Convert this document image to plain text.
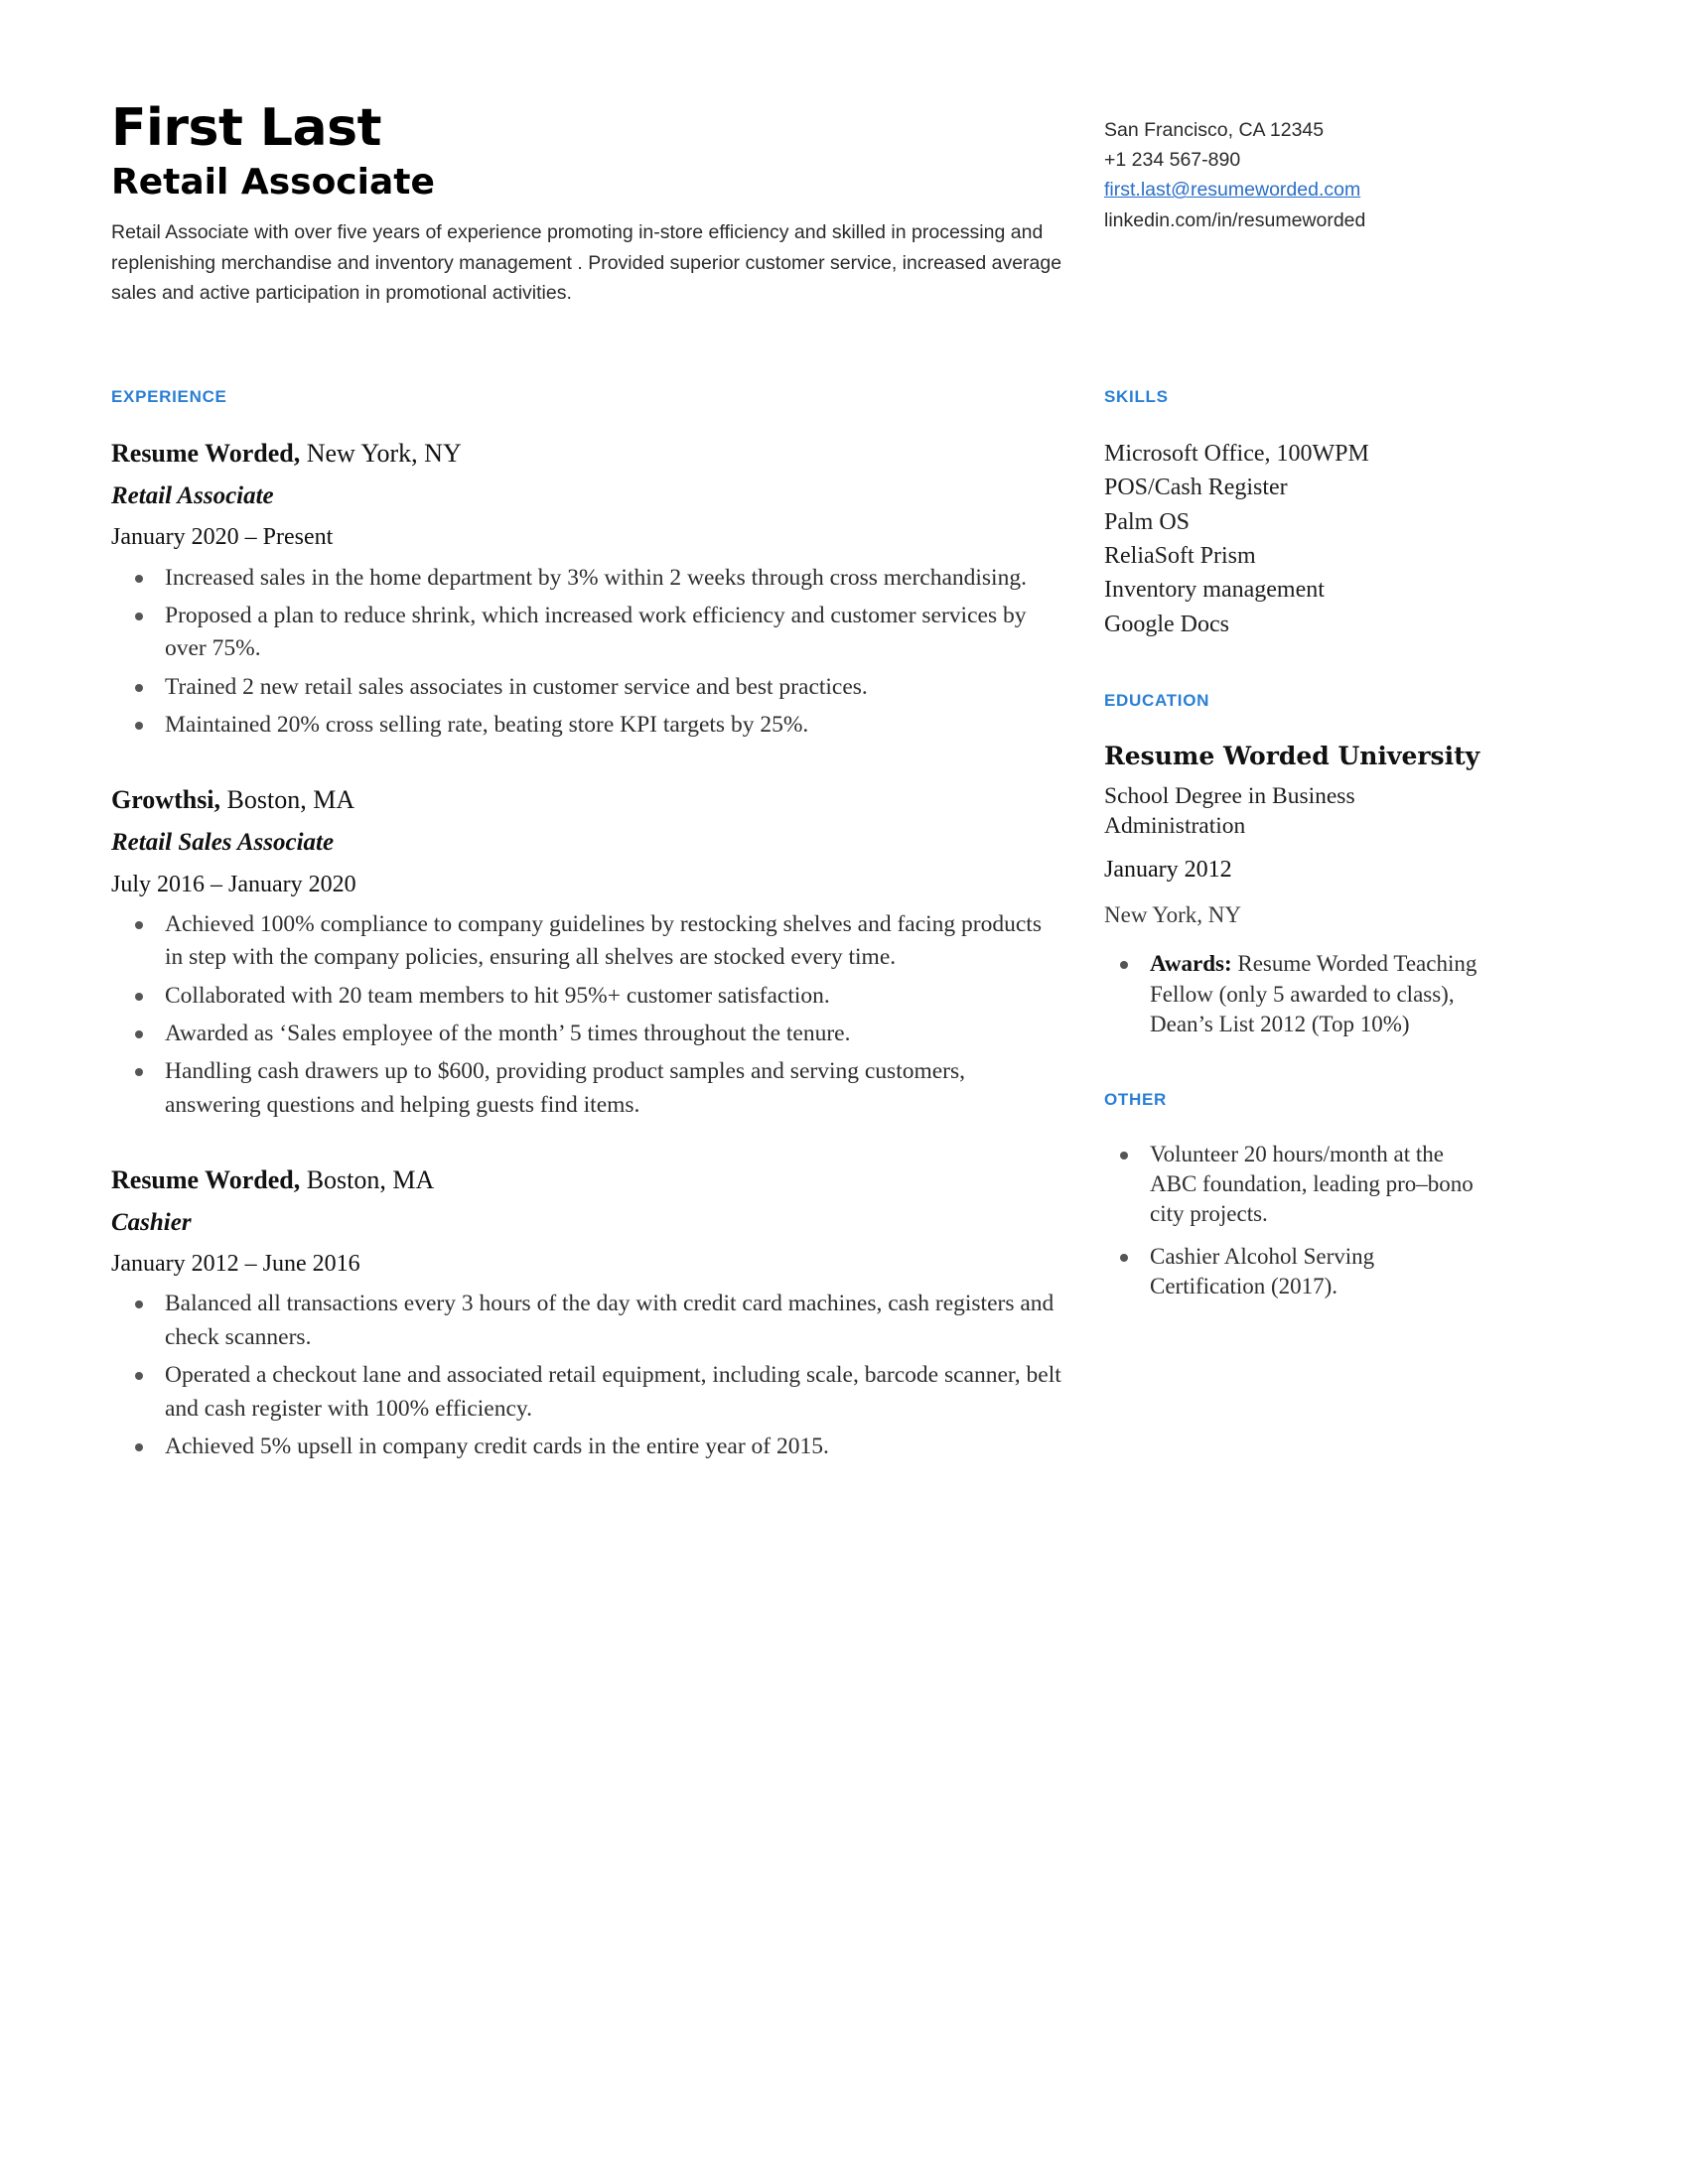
First Last
Retail Associate

Retail Associate with over five years of experience promoting in-store efficiency and skilled in processing and replenishing merchandise and inventory management . Provided superior customer service, increased average sales and active participation in promotional activities.

San Francisco, CA 12345
+1 234 567-890
first.last@resumeworded.com
linkedin.com/in/resumeworded
EXPERIENCE
Resume Worded, New York, NY
Retail Associate
January 2020 – Present
Increased sales in the home department by 3% within 2 weeks through cross merchandising.
Proposed a plan to reduce shrink, which increased work efficiency and customer services by over 75%.
Trained 2 new retail sales associates in customer service and best practices.
Maintained 20% cross selling rate, beating store KPI targets by 25%.
Growthsi, Boston, MA
Retail Sales Associate
July 2016 – January 2020
Achieved 100% compliance to company guidelines by restocking shelves and facing products in step with the company policies, ensuring all shelves are stocked every time.
Collaborated with 20 team members to hit 95%+ customer satisfaction.
Awarded as ‘Sales employee of the month’ 5 times throughout the tenure.
Handling cash drawers up to $600, providing product samples and serving customers, answering questions and helping guests find items.
Resume Worded, Boston, MA
Cashier
January 2012 – June 2016
Balanced all transactions every 3 hours of the day with credit card machines, cash registers and check scanners.
Operated a checkout lane and associated retail equipment, including scale, barcode scanner, belt and cash register with 100% efficiency.
Achieved 5% upsell in company credit cards in the entire year of 2015.
SKILLS
Microsoft Office, 100WPM
POS/Cash Register
Palm OS
ReliaSoft Prism
Inventory management
Google Docs
EDUCATION
Resume Worded University
School Degree in Business Administration
January 2012
New York, NY
Awards: Resume Worded Teaching Fellow (only 5 awarded to class), Dean’s List 2012 (Top 10%)
OTHER
Volunteer 20 hours/month at the ABC foundation, leading pro–bono city projects.
Cashier Alcohol Serving Certification (2017).
